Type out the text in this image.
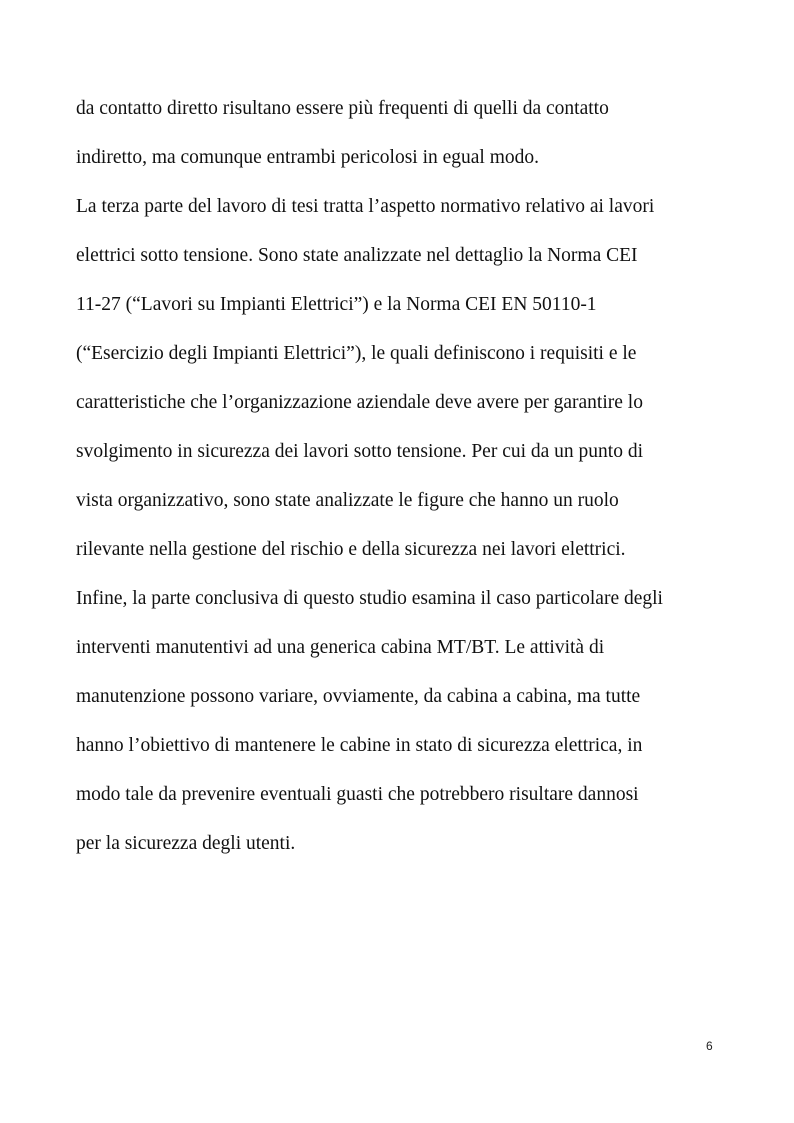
da contatto diretto risultano essere più frequenti di quelli da contatto
indiretto, ma comunque entrambi pericolosi in egual modo.
La terza parte del lavoro di tesi tratta l’aspetto normativo relativo ai lavori
elettrici sotto tensione. Sono state analizzate nel dettaglio la Norma CEI
11-27 (“Lavori su Impianti Elettrici”) e la Norma CEI EN 50110-1
(“Esercizio degli Impianti Elettrici”), le quali definiscono i requisiti e le
caratteristiche che l’organizzazione aziendale deve avere per garantire lo
svolgimento in sicurezza dei lavori sotto tensione. Per cui da un punto di
vista organizzativo, sono state analizzate le figure che hanno un ruolo
rilevante nella gestione del rischio e della sicurezza nei lavori elettrici.
Infine, la parte conclusiva di questo studio esamina il caso particolare degli
interventi manutentivi ad una generica cabina MT/BT. Le attività di
manutenzione possono variare, ovviamente, da cabina a cabina, ma tutte
hanno l’obiettivo di mantenere le cabine in stato di sicurezza elettrica, in
modo tale da prevenire eventuali guasti che potrebbero risultare dannosi
per la sicurezza degli utenti.
6
